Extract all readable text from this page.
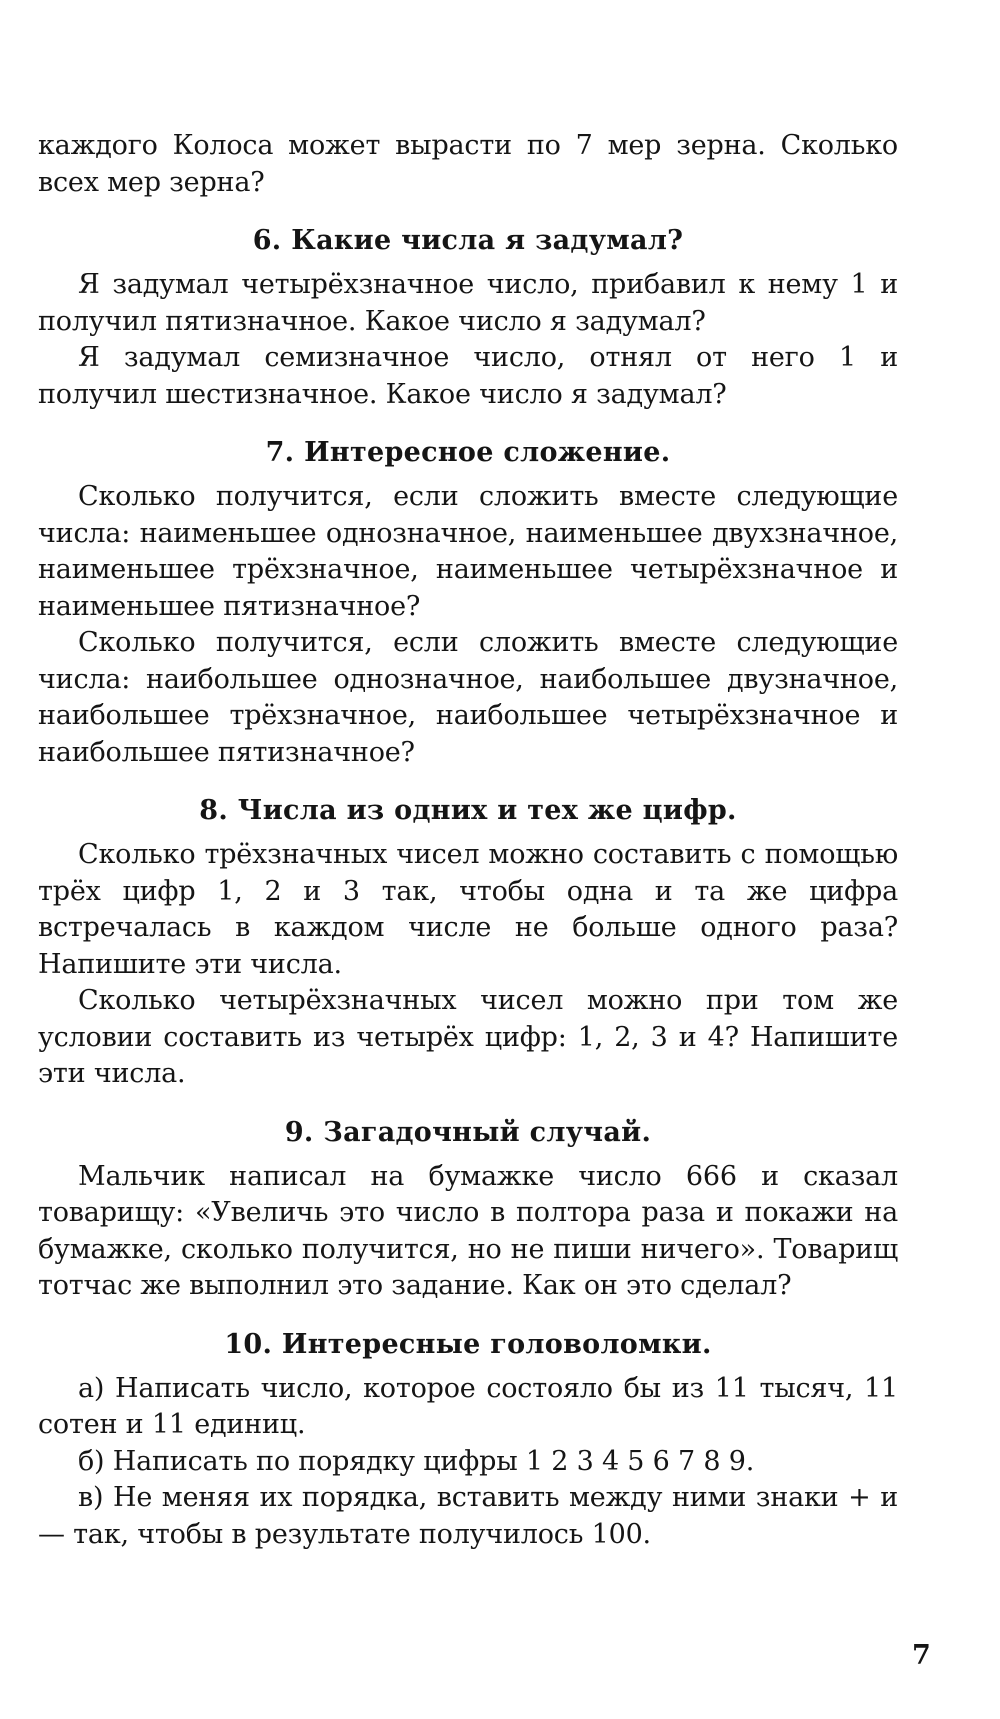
каждого Колоса может вырасти по 7 мер зерна. Сколько всех мер зерна?

6. Какие числа я задумал?

Я задумал четырёхзначное число, прибавил к нему 1 и получил пятизначное. Какое число я задумал?

Я задумал семизначное число, отнял от него 1 и получил шестизначное. Какое число я задумал?

7. Интересное сложение.

Сколько получится, если сложить вместе следующие числа: наименьшее однозначное, наименьшее двухзначное, наименьшее трёхзначное, наименьшее четырёхзначное и наименьшее пятизначное?

Сколько получится, если сложить вместе следующие числа: наибольшее однозначное, наибольшее двузначное, наибольшее трёхзначное, наибольшее четырёхзначное и наибольшее пятизначное?

8. Числа из одних и тех же цифр.

Сколько трёхзначных чисел можно составить с помощью трёх цифр 1, 2 и 3 так, чтобы одна и та же цифра встречалась в каждом числе не больше одного раза? Напишите эти числа.

Сколько четырёхзначных чисел можно при том же условии составить из четырёх цифр: 1, 2, 3 и 4? Напишите эти числа.

9. Загадочный случай.

Мальчик написал на бумажке число 666 и сказал товарищу: «Увеличь это число в полтора раза и покажи на бумажке, сколько получится, но не пиши ничего». Товарищ тотчас же выполнил это задание. Как он это сделал?

10. Интересные головоломки.

а) Написать число, которое состояло бы из 11 тысяч, 11 сотен и 11 единиц.

б) Написать по порядку цифры 1 2 3 4 5 6 7 8 9.

в) Не меняя их порядка, вставить между ними знаки + и — так, чтобы в результате получилось 100.

7
